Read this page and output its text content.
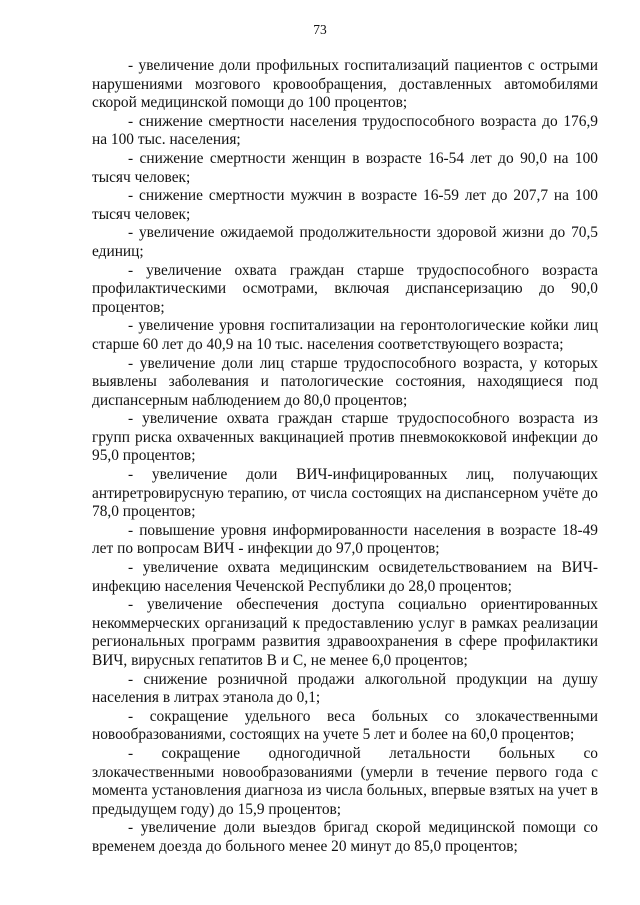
73

- увеличение доли профильных госпитализаций пациентов с острыми нарушениями мозгового кровообращения, доставленных автомобилями скорой медицинской помощи до 100 процентов;

- снижение смертности населения трудоспособного возраста до 176,9 на 100 тыс. населения;

- снижение смертности женщин в возрасте 16-54 лет до 90,0 на 100 тысяч человек;

- снижение смертности мужчин в возрасте 16-59 лет до 207,7 на 100 тысяч человек;

- увеличение ожидаемой продолжительности здоровой жизни до 70,5 единиц;

- увеличение охвата граждан старше трудоспособного возраста профилактическими осмотрами, включая диспансеризацию до 90,0 процентов;

- увеличение уровня госпитализации на геронтологические койки лиц старше 60 лет до 40,9 на 10 тыс. населения соответствующего возраста;

- увеличение доли лиц старше трудоспособного возраста, у которых выявлены заболевания и патологические состояния, находящиеся под диспансерным наблюдением до 80,0 процентов;

- увеличение охвата граждан старше трудоспособного возраста из групп риска охваченных вакцинацией против пневмококковой инфекции до 95,0 процентов;

- увеличение доли ВИЧ-инфицированных лиц, получающих антиретровирусную терапию, от числа состоящих на диспансерном учёте до 78,0 процентов;

- повышение уровня информированности населения в возрасте 18-49 лет по вопросам ВИЧ - инфекции до 97,0 процентов;

- увеличение охвата медицинским освидетельствованием на ВИЧ-инфекцию населения Чеченской Республики до 28,0 процентов;

- увеличение обеспечения доступа социально ориентированных некоммерческих организаций к предоставлению услуг в рамках реализации региональных программ развития здравоохранения в сфере профилактики ВИЧ, вирусных гепатитов В и С, не менее 6,0 процентов;

- снижение розничной продажи алкогольной продукции на душу населения в литрах этанола до 0,1;

- сокращение удельного веса больных со злокачественными новообразованиями, состоящих на учете 5 лет и более на 60,0 процентов;

- сокращение одногодичной летальности больных со злокачественными новообразованиями (умерли в течение первого года с момента установления диагноза из числа больных, впервые взятых на учет в предыдущем году) до 15,9 процентов;

- увеличение доли выездов бригад скорой медицинской помощи со временем доезда до больного менее 20 минут до 85,0 процентов;
